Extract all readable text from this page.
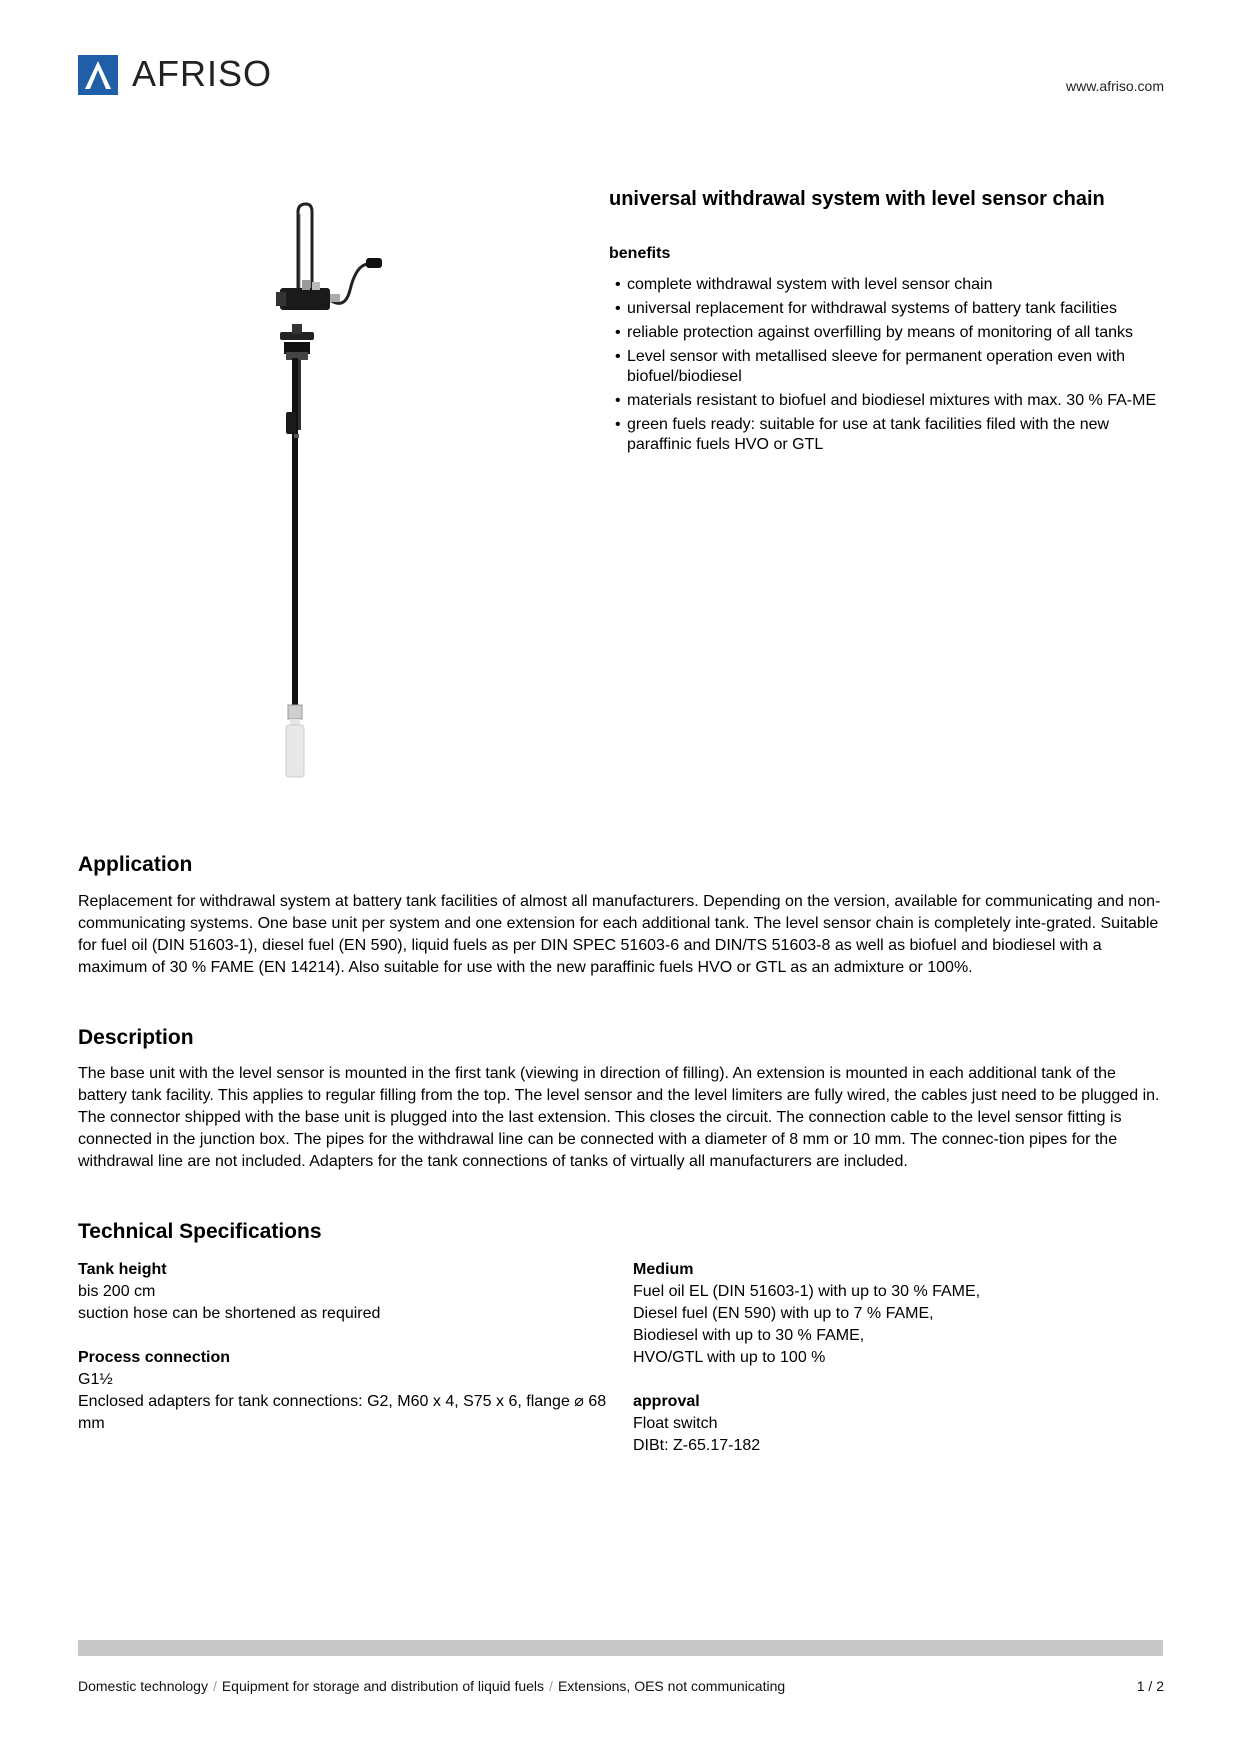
AFRISO	www.afriso.com
universal withdrawal system with level sensor chain
benefits
• complete withdrawal system with level sensor chain
• universal replacement for withdrawal systems of battery tank facilities
• reliable protection against overfilling by means of monitoring of all tanks
• Level sensor with metallised sleeve for permanent operation even with biofuel/biodiesel
• materials resistant to biofuel and biodiesel mixtures with max. 30 % FA-ME
• green fuels ready: suitable for use at tank facilities filed with the new paraffinic fuels HVO or GTL
Application
Replacement for withdrawal system at battery tank facilities of almost all manufacturers. Depending on the version, available for communicating and non-communicating systems. One base unit per system and one extension for each additional tank. The level sensor chain is completely inte-grated. Suitable for fuel oil (DIN 51603-1), diesel fuel (EN 590), liquid fuels as per DIN SPEC 51603-6 and DIN/TS 51603-8 as well as biofuel and biodiesel with a maximum of 30 % FAME (EN 14214). Also suitable for use with the new paraffinic fuels HVO or GTL as an admixture or 100%.
Description
The base unit with the level sensor is mounted in the first tank (viewing in direction of filling). An extension is mounted in each additional tank of the battery tank facility. This applies to regular filling from the top. The level sensor and the level limiters are fully wired, the cables just need to be plugged in. The connector shipped with the base unit is plugged into the last extension. This closes the circuit. The connection cable to the level sensor fitting is connected in the junction box. The pipes for the withdrawal line can be connected with a diameter of 8 mm or 10 mm. The connec-tion pipes for the withdrawal line are not included. Adapters for the tank connections of tanks of virtually all manufacturers are included.
Technical Specifications
Tank height
bis 200 cm
suction hose can be shortened as required
Process connection
G1½
Enclosed adapters for tank connections: G2, M60 x 4, S75 x 6, flange ⌀ 68 mm
Medium
Fuel oil EL (DIN 51603-1) with up to 30 % FAME,
Diesel fuel (EN 590) with up to 7 % FAME,
Biodiesel with up to 30 % FAME,
HVO/GTL with up to 100 %
approval
Float switch
DIBt: Z-65.17-182
Domestic technology / Equipment for storage and distribution of liquid fuels / Extensions, OES not communicating	1 / 2
